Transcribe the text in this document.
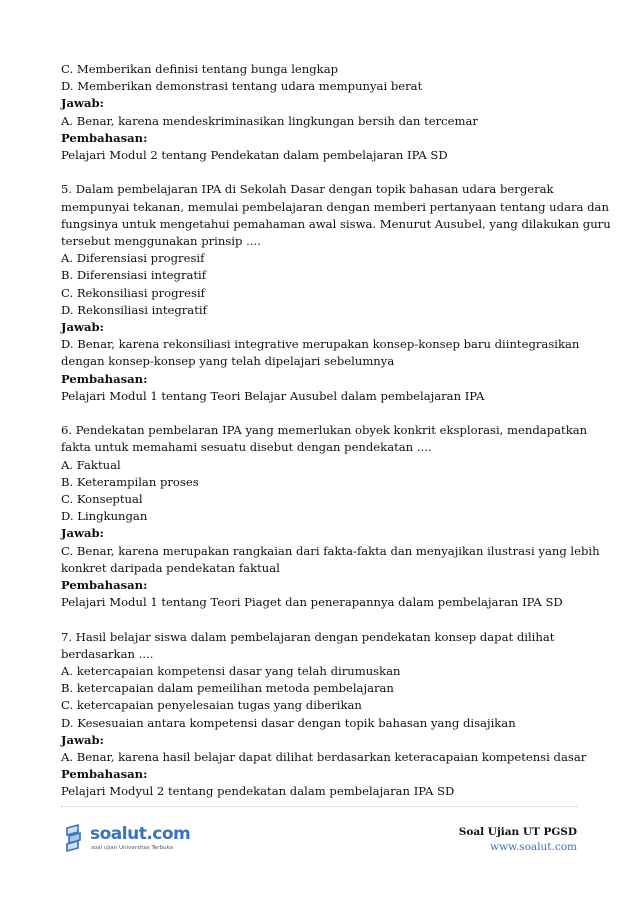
C. Memberikan definisi tentang bunga lengkap
D. Memberikan demonstrasi tentang udara mempunyai berat
Jawab:
A. Benar, karena mendeskriminasikan lingkungan bersih dan tercemar
Pembahasan:
Pelajari Modul 2 tentang Pendekatan dalam pembelajaran IPA SD
5. Dalam pembelajaran IPA di Sekolah Dasar dengan topik bahasan udara bergerak
mempunyai tekanan, memulai pembelajaran dengan memberi pertanyaan tentang udara dan
fungsinya untuk mengetahui pemahaman awal siswa. Menurut Ausubel, yang dilakukan guru
tersebut menggunakan prinsip ....
A. Diferensiasi progresif
B. Diferensiasi integratif
C. Rekonsiliasi progresif
D. Rekonsiliasi integratif
Jawab:
D. Benar, karena rekonsiliasi integrative merupakan konsep-konsep baru diintegrasikan
dengan konsep-konsep yang telah dipelajari sebelumnya
Pembahasan:
Pelajari Modul 1 tentang Teori Belajar Ausubel dalam pembelajaran IPA
6. Pendekatan pembelaran IPA yang memerlukan obyek konkrit eksplorasi, mendapatkan
fakta untuk memahami sesuatu disebut dengan pendekatan ....
A. Faktual
B. Keterampilan proses
C. Konseptual
D. Lingkungan
Jawab:
C. Benar, karena merupakan rangkaian dari fakta-fakta dan menyajikan ilustrasi yang lebih
konkret daripada pendekatan faktual
Pembahasan:
Pelajari Modul 1 tentang Teori Piaget dan penerapannya dalam pembelajaran IPA SD
7. Hasil belajar siswa dalam pembelajaran dengan pendekatan konsep dapat dilihat
berdasarkan ....
A. ketercapaian kompetensi dasar yang telah dirumuskan
B. ketercapaian dalam pemeilihan metoda pembelajaran
C. ketercapaian penyelesaian tugas yang diberikan
D. Kesesuaian antara kompetensi dasar dengan topik bahasan yang disajikan
Jawab:
A. Benar, karena hasil belajar dapat dilihat berdasarkan keteracapaian kompetensi dasar
Pembahasan:
Pelajari Modyul 2 tentang pendekatan dalam pembelajaran IPA SD
soalut.com
soal ujian Universitas Terbuka
Soal Ujian UT PGSD
www.soalut.com
